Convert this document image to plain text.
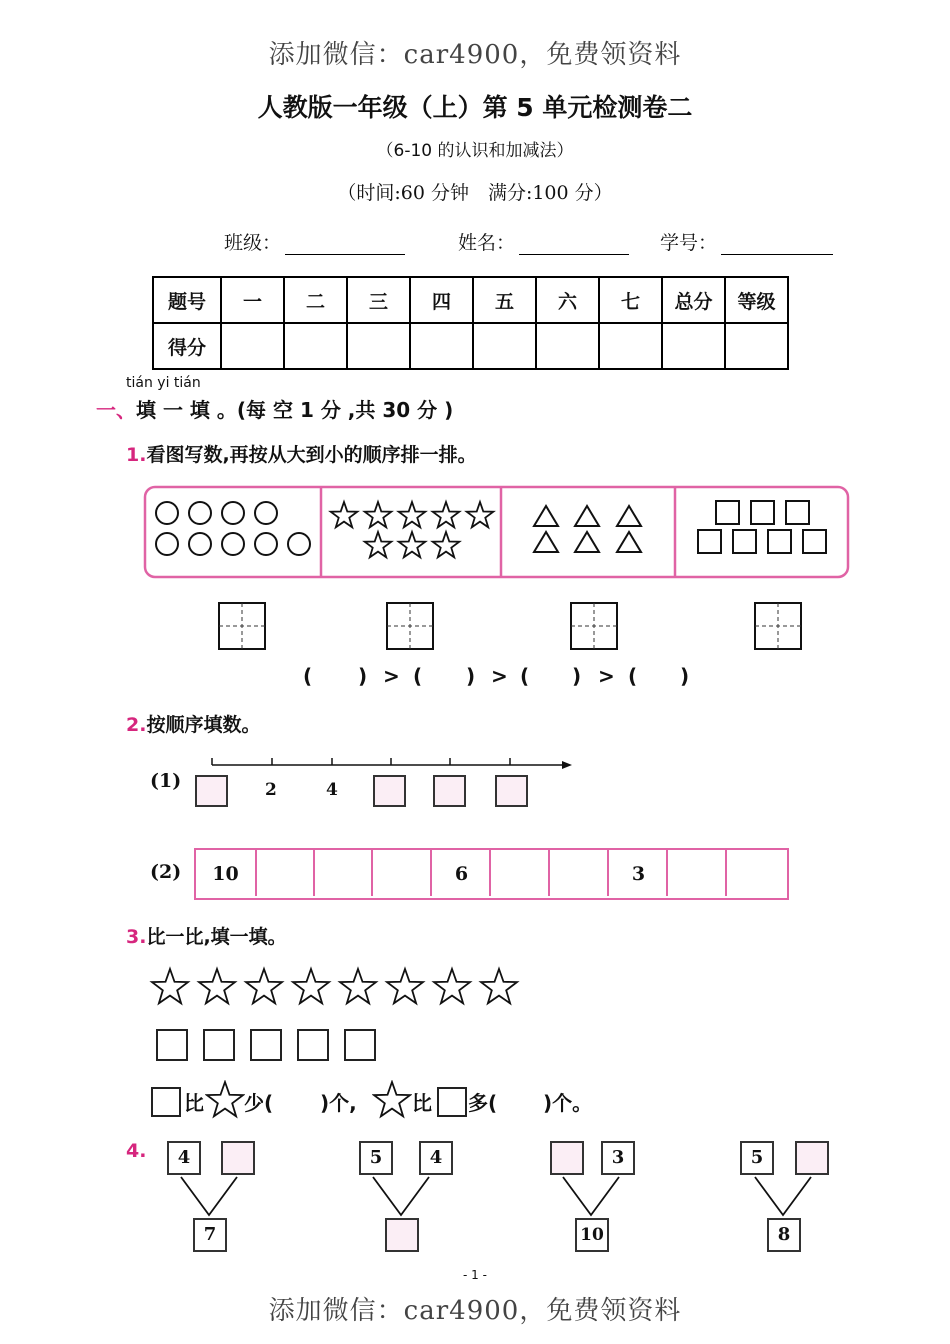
添加微信：car4900，免费领资料
人教版一年级（上）第 5 单元检测卷二
（6-10 的认识和加减法）
（时间:60 分钟　满分:100 分）
班级：	姓名：	学号：
题号	一	二	三	四	五	六	七	总分	等级
得分									
tián yi tián
一、填 一 填 。(每 空 1 分 ,共 30 分 )
1.看图写数,再按从大到小的顺序排一排。
( ) > ( ) > ( ) > ( )
2.按顺序填数。
(1)	2	4
(2)	10	6	3
3.比一比,填一填。
比 少( )个,	比 多( )个。
4.	4
7
5	4	3
10
5
8
- 1 -
添加微信：car4900，免费领资料
